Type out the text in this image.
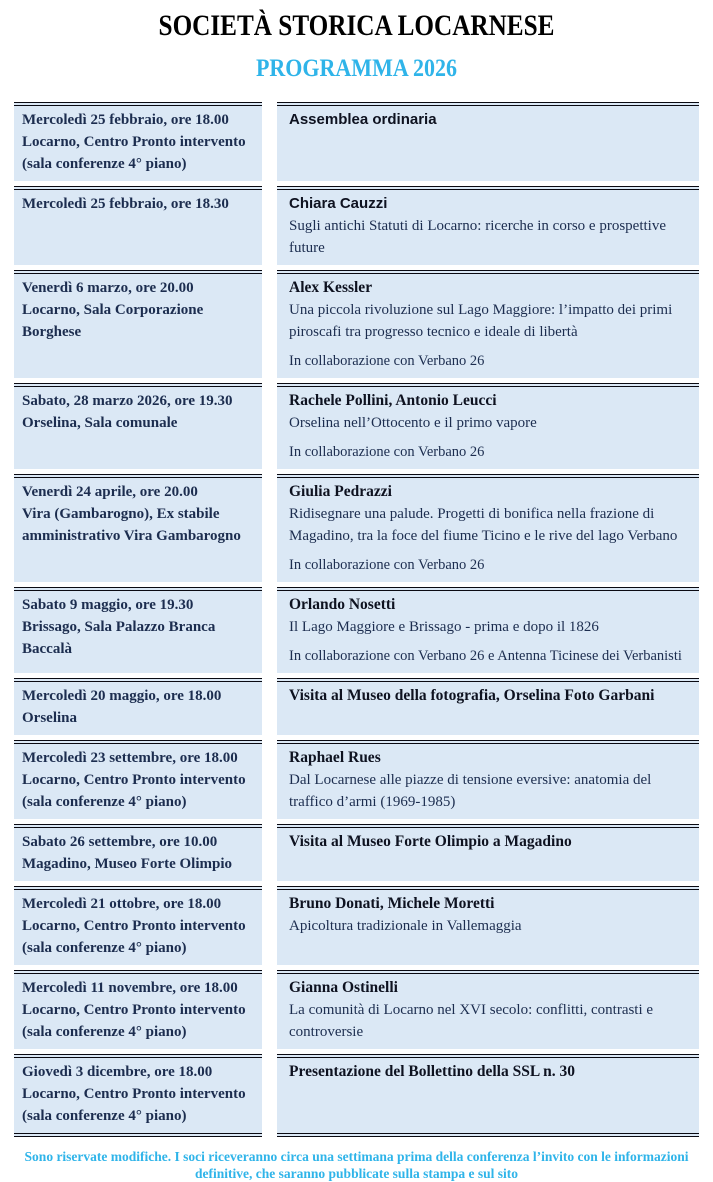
SOCIETÀ STORICA LOCARNESE
PROGRAMMA 2026
Mercoledì 25 febbraio, ore 18.00
Locarno, Centro Pronto intervento (sala conferenze 4° piano)

Assemblea ordinaria

Mercoledì 25 febbraio, ore 18.30	Chiara Cauzzi

Sugli antichi Statuti di Locarno: ricerche in corso e prospettive future

Venerdì 6 marzo, ore 20.00
Locarno, Sala Corporazione Borghese

Alex Kessler

Una piccola rivoluzione sul Lago Maggiore: l’impatto dei primi piroscafi tra progresso tecnico e ideale di libertà

In collaborazione con Verbano 26

Sabato, 28 marzo 2026, ore 19.30
Orselina, Sala comunale

Rachele Pollini, Antonio Leucci

Orselina nell’Ottocento e il primo vapore

In collaborazione con Verbano 26

Venerdì 24 aprile, ore 20.00
Vira (Gambarogno), Ex stabile amministrativo Vira Gambarogno

Giulia Pedrazzi

Ridisegnare una palude. Progetti di bonifica nella frazione di Magadino, tra la foce del fiume Ticino e le rive del lago Verbano

In collaborazione con Verbano 26

Sabato 9 maggio, ore 19.30
Brissago, Sala Palazzo Branca Baccalà

Orlando Nosetti

Il Lago Maggiore e Brissago - prima e dopo il 1826

In collaborazione con Verbano 26 e Antenna Ticinese dei Verbanisti

Mercoledì 20 maggio, ore 18.00
Orselina

Visita al Museo della fotografia, Orselina Foto Garbani

Mercoledì 23 settembre, ore 18.00
Locarno, Centro Pronto intervento (sala conferenze 4° piano)

Raphael Rues

Dal Locarnese alle piazze di tensione eversive: anatomia del traffico d’armi (1969-1985)

Sabato 26 settembre, ore 10.00
Magadino, Museo Forte Olimpio

Visita al Museo Forte Olimpio a Magadino

Mercoledì 21 ottobre, ore 18.00
Locarno, Centro Pronto intervento (sala conferenze 4° piano)

Bruno Donati, Michele Moretti

Apicoltura tradizionale in Vallemaggia

Mercoledì 11 novembre, ore 18.00
Locarno, Centro Pronto intervento (sala conferenze 4° piano)

Gianna Ostinelli

La comunità di Locarno nel XVI secolo: conflitti, contrasti e controversie

Giovedì 3 dicembre, ore 18.00
Locarno, Centro Pronto intervento (sala conferenze 4° piano)

Presentazione del Bollettino della SSL n. 30

Sono riservate modifiche. I soci riceveranno circa una settimana prima della conferenza l’invito con le informazioni definitive, che saranno pubblicate sulla stampa e sul sito
